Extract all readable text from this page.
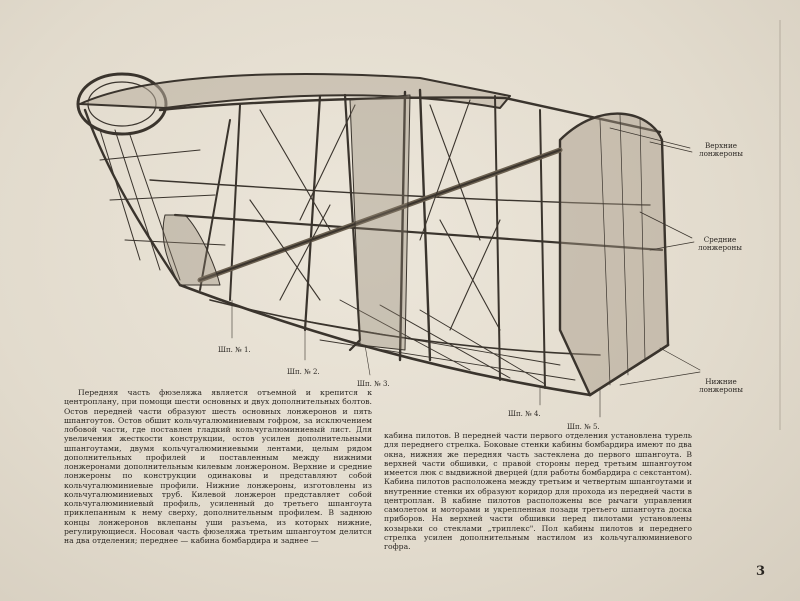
Верхние
лонжероны
Средние
лонжероны
Нижние
лонжероны
Шп. № 1.
Шп. № 2.
Шп. № 3.
Шп. № 4.
Шп. № 5.

Передняя часть фюзеляжа является отъемной и крепится к центроплану, при помощи шести основных и двух дополнительных болтов. Остов передней части образуют шесть основных лонжеронов и пять шпангоутов. Остов обшит кольчугалюминиевым гофром, за исключением лобовой части, где поставлен гладкий кольчугалюминиевый лист. Для увеличения жесткости конструкции, остов усилен дополнительными шпангоутами, двумя кольчугалюминиевыми лентами, целым рядом дополнительных профилей и поставленным между нижними лонжеронами дополнительным килевым лонжероном. Верхние и средние лонжероны по конструкции одинаковы и представляют собой кольчугалюминиевые профили. Нижние лонжероны, изготовлены из кольчугалюминиевых труб. Килевой лонжерон представляет собой кольчугалюминиевый профиль, усиленный до третьего шпангоута приклепанным к нему сверху, дополнительным профилем. В заднюю концы лонжеронов вклепаны уши разъема, из которых нижние, регулирующиеся. Носовая часть фюзеляжа третьим шпангоутом делится на два отделения; переднее — кабина бомбардира и заднее —

кабина пилотов. В передней части первого отделения установлена турель для переднего стрелка. Боковые стенки кабины бомбардира имеют по два окна, нижняя же передняя часть застеклена до первого шпангоута. В верхней части обшивки, с правой стороны перед третьим шпангоутом имеется люк с выдвижной дверцей (для работы бомбардира с секстантом). Кабина пилотов расположена между третьим и четвертым шпангоутами и внутренние стенки их образуют коридор для прохода из передней части в центроплан. В кабине пилотов расположены все рычаги управления самолетом и моторами и укрепленная позади третьего шпангоута доска приборов. На верхней части обшивки перед пилотами установлены козырьки со стеклами „триплекс". Пол кабины пилотов и переднего стрелка усилен дополнительным настилом из кольчугалюминиевого гофра.

3
